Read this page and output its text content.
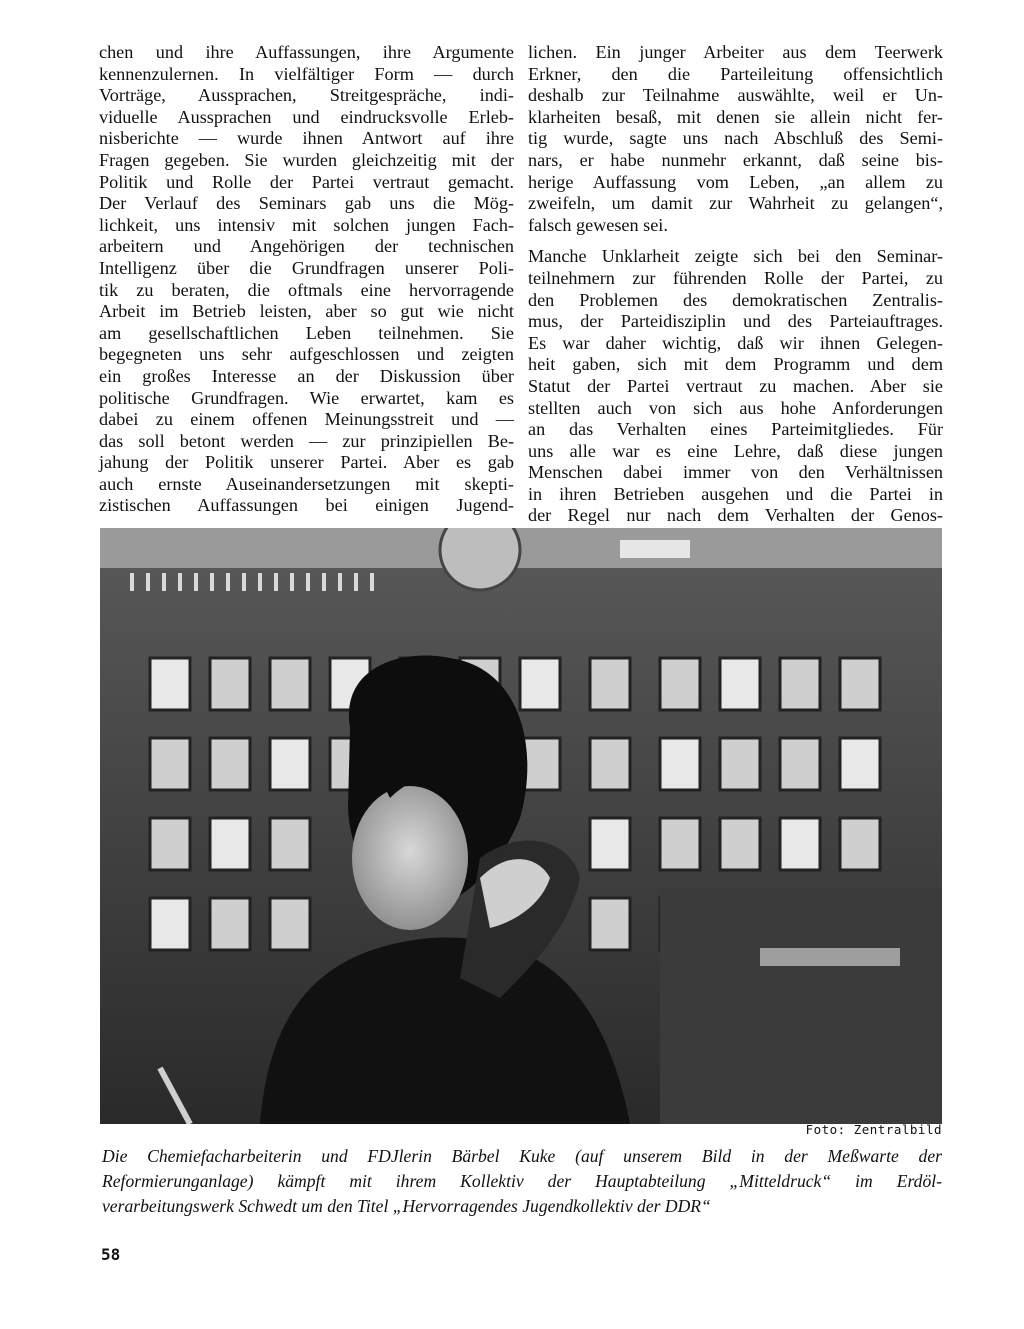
chen und ihre Auffassungen, ihre Argumente
kennenzulernen. In vielfältiger Form — durch
Vorträge, Aussprachen, Streitgespräche, indi-
viduelle Aussprachen und eindrucksvolle Erleb-
nisberichte — wurde ihnen Antwort auf ihre
Fragen gegeben. Sie wurden gleichzeitig mit der
Politik und Rolle der Partei vertraut gemacht.
Der Verlauf des Seminars gab uns die Mög-
lichkeit, uns intensiv mit solchen jungen Fach-
arbeitern und Angehörigen der technischen
Intelligenz über die Grundfragen unserer Poli-
tik zu beraten, die oftmals eine hervorragende
Arbeit im Betrieb leisten, aber so gut wie nicht
am gesellschaftlichen Leben teilnehmen. Sie
begegneten uns sehr aufgeschlossen und zeigten
ein großes Interesse an der Diskussion über
politische Grundfragen. Wie erwartet, kam es
dabei zu einem offenen Meinungsstreit und —
das soll betont werden — zur prinzipiellen Be-
jahung der Politik unserer Partei. Aber es gab
auch ernste Auseinandersetzungen mit skepti-
zistischen Auffassungen bei einigen Jugend-
lichen. Ein junger Arbeiter aus dem Teerwerk
Erkner, den die Parteileitung offensichtlich
deshalb zur Teilnahme auswählte, weil er Un-
klarheiten besaß, mit denen sie allein nicht fer-
tig wurde, sagte uns nach Abschluß des Semi-
nars, er habe nunmehr erkannt, daß seine bis-
herige Auffassung vom Leben, „an allem zu
zweifeln, um damit zur Wahrheit zu gelangen“,
falsch gewesen sei.
Manche Unklarheit zeigte sich bei den Seminar-
teilnehmern zur führenden Rolle der Partei, zu
den Problemen des demokratischen Zentralis-
mus, der Parteidisziplin und des Parteiauftrages.
Es war daher wichtig, daß wir ihnen Gelegen-
heit gaben, sich mit dem Programm und dem
Statut der Partei vertraut zu machen. Aber sie
stellten auch von sich aus hohe Anforderungen
an das Verhalten eines Parteimitgliedes. Für
uns alle war es eine Lehre, daß diese jungen
Menschen dabei immer von den Verhältnissen
in ihren Betrieben ausgehen und die Partei in
der Regel nur nach dem Verhalten der Genos-
Foto: Zentralbild
Die Chemiefacharbeiterin und FDJlerin Bärbel Kuke (auf unserem Bild in der Meßwarte der
Reformierunganlage) kämpft mit ihrem Kollektiv der Hauptabteilung „Mitteldruck“ im Erdöl-
verarbeitungswerk Schwedt um den Titel „Hervorragendes Jugendkollektiv der DDR“
58
